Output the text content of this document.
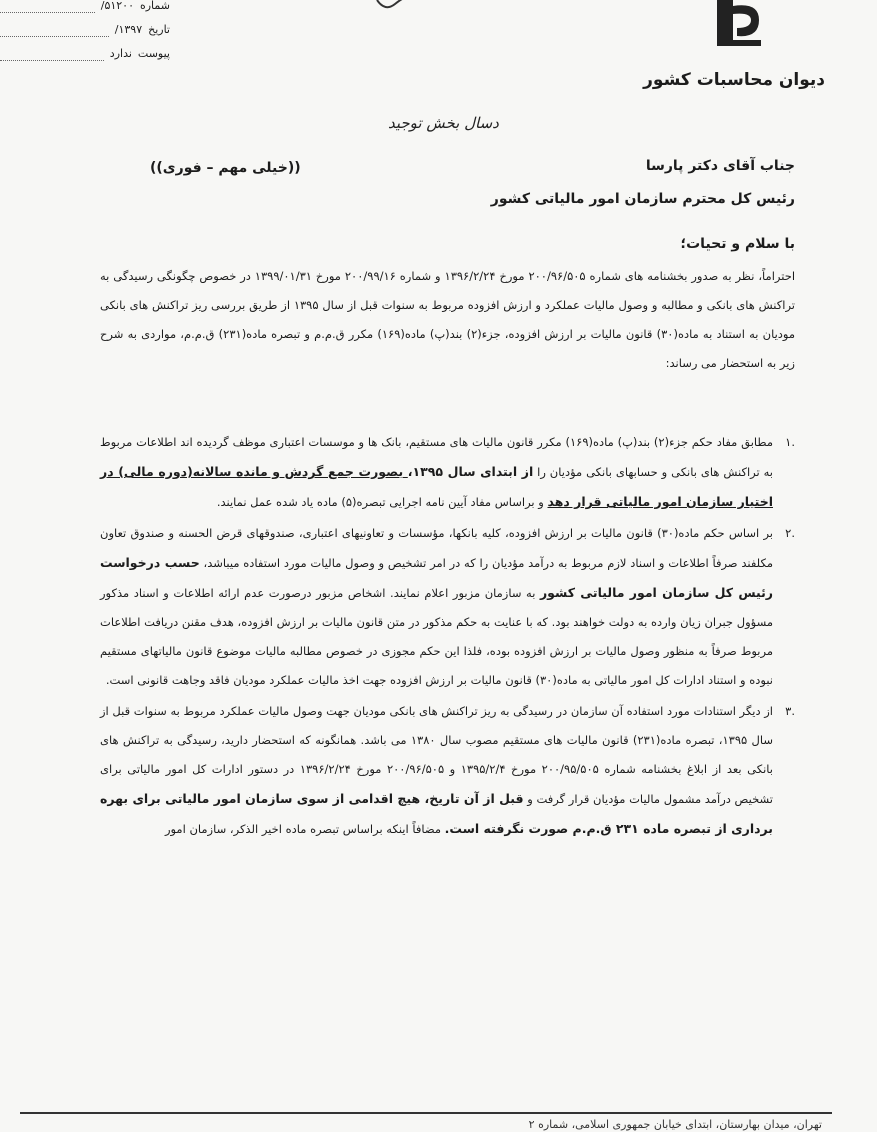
شماره
۵۱۲۰۰/
تاریخ
۱۳۹۷/
پیوست
ندارد
دیوان محاسبات کشور
دسال بخش توجید
جناب آقای دکتر پارسا
رئیس کل محترم سازمان امور مالیاتی کشور
((خیلی مهم – فوری))
با سلام و تحیات؛
احتراماً، نظر به صدور بخشنامه های شماره ۲۰۰/۹۶/۵۰۵ مورخ ۱۳۹۶/۲/۲۴ و شماره ۲۰۰/۹۹/۱۶ مورخ ۱۳۹۹/۰۱/۳۱ در خصوص چگونگی رسیدگی به تراکنش های بانکی و مطالبه و وصول مالیات عملکرد و ارزش افزوده مربوط به سنوات قبل از سال ۱۳۹۵ از طریق بررسی ریز تراکنش های بانکی مودیان به استناد به ماده(۳۰) قانون مالیات بر ارزش افزوده، جزء(۲) بند(پ) ماده(۱۶۹) مکرر ق.م.م و تبصره ماده(۲۳۱) ق.م.م، مواردی به شرح زیر به استحضار می رساند:
.۱
مطابق مفاد حکم جزء(۲) بند(پ) ماده(۱۶۹) مکرر قانون مالیات های مستقیم، بانک ها و موسسات اعتباری موظف گردیده اند اطلاعات مربوط به تراکنش های بانکی و حسابهای بانکی مؤدیان را از ابتدای سال ۱۳۹۵، بصورت جمع گردش و مانده سالانه(دوره مالی) در اختیار سازمان امور مالیاتی قرار دهد و براساس مفاد آیین نامه اجرایی تبصره(۵) ماده یاد شده عمل نمایند.
.۲
بر اساس حکم ماده(۳۰) قانون مالیات بر ارزش افزوده، کلیه بانکها، مؤسسات و تعاونیهای اعتباری، صندوقهای قرض الحسنه و صندوق تعاون مکلفند صرفاً اطلاعات و اسناد لازم مربوط به درآمد مؤدیان را که در امر تشخیص و وصول مالیات مورد استفاده میباشد، حسب درخواست رئیس کل سازمان امور مالیاتی کشور به سازمان مزبور اعلام نمایند. اشخاص مزبور درصورت عدم ارائه اطلاعات و اسناد مذکور مسؤول جبران زیان وارده به دولت خواهند بود. که با عنایت به حکم مذکور در متن قانون مالیات بر ارزش افزوده، هدف مقنن دریافت اطلاعات مربوط صرفاً به منظور وصول مالیات بر ارزش افزوده بوده، فلذا این حکم مجوزی در خصوص مطالبه مالیات موضوع قانون مالیاتهای مستقیم نبوده و استناد ادارات کل امور مالیاتی به ماده(۳۰) قانون مالیات بر ارزش افزوده جهت اخذ مالیات عملکرد مودیان فاقد وجاهت قانونی است.
.۳
از دیگر استنادات مورد استفاده آن سازمان در رسیدگی به ریز تراکنش های بانکی مودیان جهت وصول مالیات عملکرد مربوط به سنوات قبل از سال ۱۳۹۵، تبصره ماده(۲۳۱) قانون مالیات های مستقیم مصوب سال ۱۳۸۰ می باشد. همانگونه که استحضار دارید، رسیدگی به تراکنش های بانکی بعد از ابلاغ بخشنامه شماره ۲۰۰/۹۵/۵۰۵ مورخ ۱۳۹۵/۲/۴ و ۲۰۰/۹۶/۵۰۵ مورخ ۱۳۹۶/۲/۲۴ در دستور ادارات کل امور مالیاتی برای تشخیص درآمد مشمول مالیات مؤدیان قرار گرفت و قبل از آن تاریخ، هیچ اقدامی از سوی سازمان امور مالیاتی برای بهره برداری از تبصره ماده ۲۳۱ ق.م.م صورت نگرفته است. مضافاً اینکه براساس تبصره ماده اخیر الذکر، سازمان امور
تهران، میدان بهارستان، ابتدای خیابان جمهوری اسلامی، شماره ۲
